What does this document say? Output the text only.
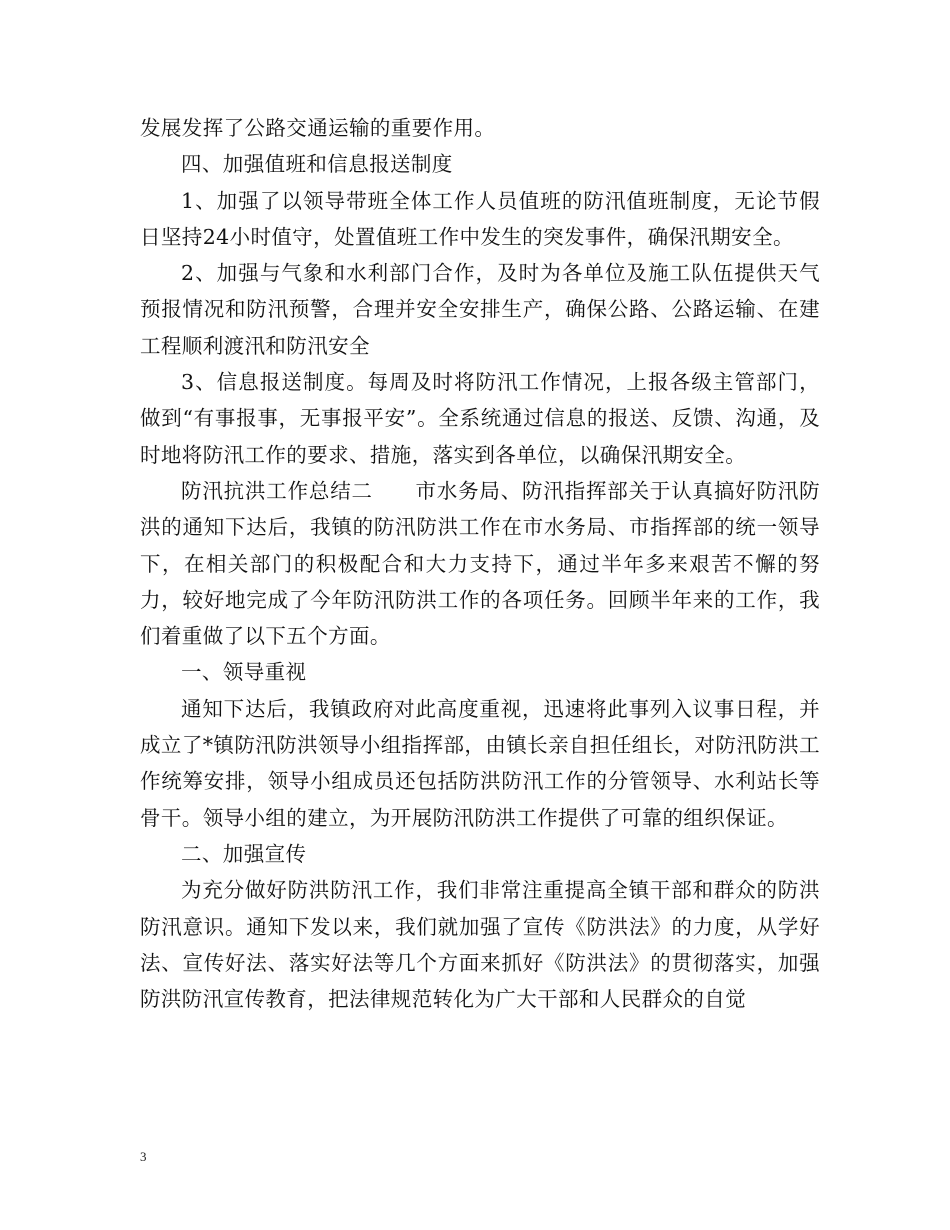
发展发挥了公路交通运输的重要作用。

四、加强值班和信息报送制度

1、加强了以领导带班全体工作人员值班的防汛值班制度，无论节假日坚持24小时值守，处置值班工作中发生的突发事件，确保汛期安全。

2、加强与气象和水利部门合作，及时为各单位及施工队伍提供天气预报情况和防汛预警，合理并安全安排生产，确保公路、公路运输、在建工程顺利渡汛和防汛安全

3、信息报送制度。每周及时将防汛工作情况，上报各级主管部门，做到“有事报事，无事报平安”。全系统通过信息的报送、反馈、沟通，及时地将防汛工作的要求、措施，落实到各单位，以确保汛期安全。

防汛抗洪工作总结二　　市水务局、防汛指挥部关于认真搞好防汛防洪的通知下达后，我镇的防汛防洪工作在市水务局、市指挥部的统一领导下，在相关部门的积极配合和大力支持下，通过半年多来艰苦不懈的努力，较好地完成了今年防汛防洪工作的各项任务。回顾半年来的工作，我们着重做了以下五个方面。

一、领导重视

通知下达后，我镇政府对此高度重视，迅速将此事列入议事日程，并成立了*镇防汛防洪领导小组指挥部，由镇长亲自担任组长，对防汛防洪工作统筹安排，领导小组成员还包括防洪防汛工作的分管领导、水利站长等骨干。领导小组的建立，为开展防汛防洪工作提供了可靠的组织保证。

二、加强宣传

为充分做好防洪防汛工作，我们非常注重提高全镇干部和群众的防洪防汛意识。通知下发以来，我们就加强了宣传《防洪法》的力度，从学好法、宣传好法、落实好法等几个方面来抓好《防洪法》的贯彻落实，加强防洪防汛宣传教育，把法律规范转化为广大干部和人民群众的自觉

3
